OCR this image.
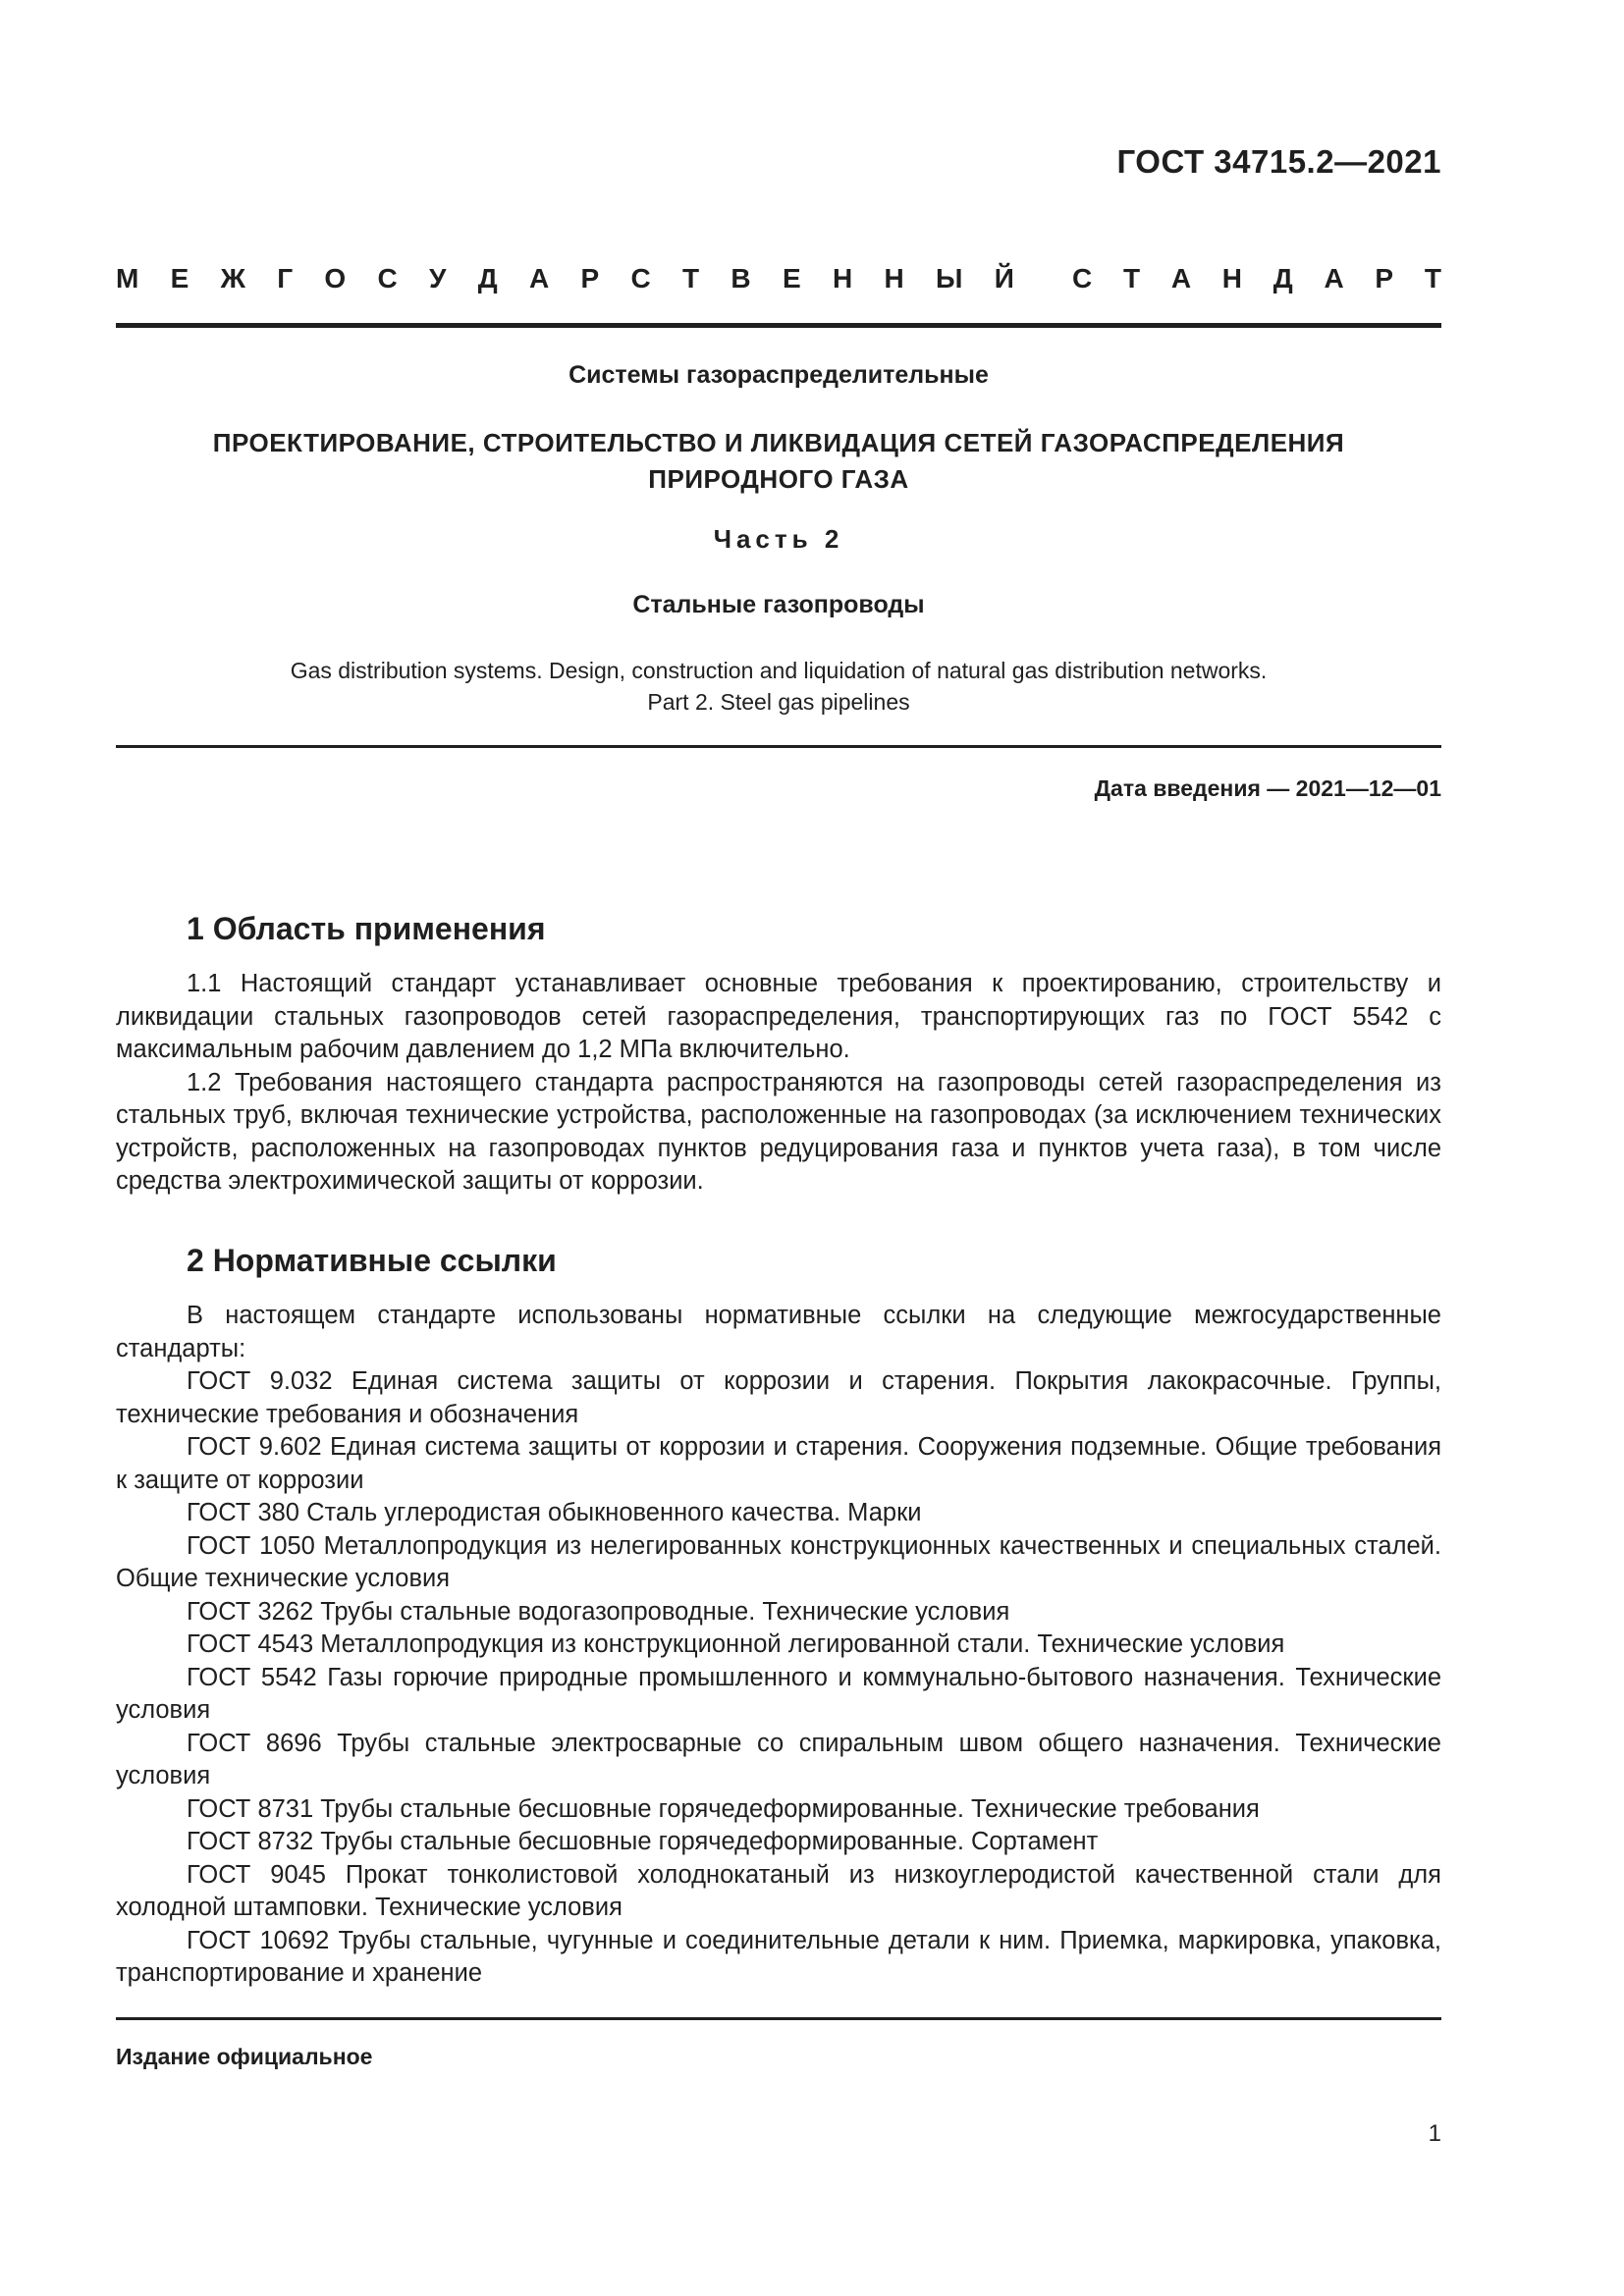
ГОСТ 34715.2—2021
М Е Ж Г О С У Д А Р С Т В Е Н Н Ы Й С Т А Н Д А Р Т
Системы газораспределительные
ПРОЕКТИРОВАНИЕ, СТРОИТЕЛЬСТВО И ЛИКВИДАЦИЯ СЕТЕЙ ГАЗОРАСПРЕДЕЛЕНИЯ
ПРИРОДНОГО ГАЗА
Часть 2
Стальные газопроводы
Gas distribution systems. Design, construction and liquidation of natural gas distribution networks.
Part 2. Steel gas pipelines
Дата введения — 2021—12—01
1 Область применения

1.1 Настоящий стандарт устанавливает основные требования к проектированию, строительству и ликвидации стальных газопроводов сетей газораспределения, транспортирующих газ по ГОСТ 5542 с максимальным рабочим давлением до 1,2 МПа включительно.

1.2 Требования настоящего стандарта распространяются на газопроводы сетей газораспределения из стальных труб, включая технические устройства, расположенные на газопроводах (за исключением технических устройств, расположенных на газопроводах пунктов редуцирования газа и пунктов учета газа), в том числе средства электрохимической защиты от коррозии.

2 Нормативные ссылки

В настоящем стандарте использованы нормативные ссылки на следующие межгосударственные стандарты:

ГОСТ 9.032 Единая система защиты от коррозии и старения. Покрытия лакокрасочные. Группы, технические требования и обозначения

ГОСТ 9.602 Единая система защиты от коррозии и старения. Сооружения подземные. Общие требования к защите от коррозии

ГОСТ 380 Сталь углеродистая обыкновенного качества. Марки

ГОСТ 1050 Металлопродукция из нелегированных конструкционных качественных и специальных сталей. Общие технические условия

ГОСТ 3262 Трубы стальные водогазопроводные. Технические условия

ГОСТ 4543 Металлопродукция из конструкционной легированной стали. Технические условия

ГОСТ 5542 Газы горючие природные промышленного и коммунально-бытового назначения. Технические условия

ГОСТ 8696 Трубы стальные электросварные со спиральным швом общего назначения. Технические условия

ГОСТ 8731 Трубы стальные бесшовные горячедеформированные. Технические требования

ГОСТ 8732 Трубы стальные бесшовные горячедеформированные. Сортамент

ГОСТ 9045 Прокат тонколистовой холоднокатаный из низкоуглеродистой качественной стали для холодной штамповки. Технические условия

ГОСТ 10692 Трубы стальные, чугунные и соединительные детали к ним. Приемка, маркировка, упаковка, транспортирование и хранение

Издание официальное
1
